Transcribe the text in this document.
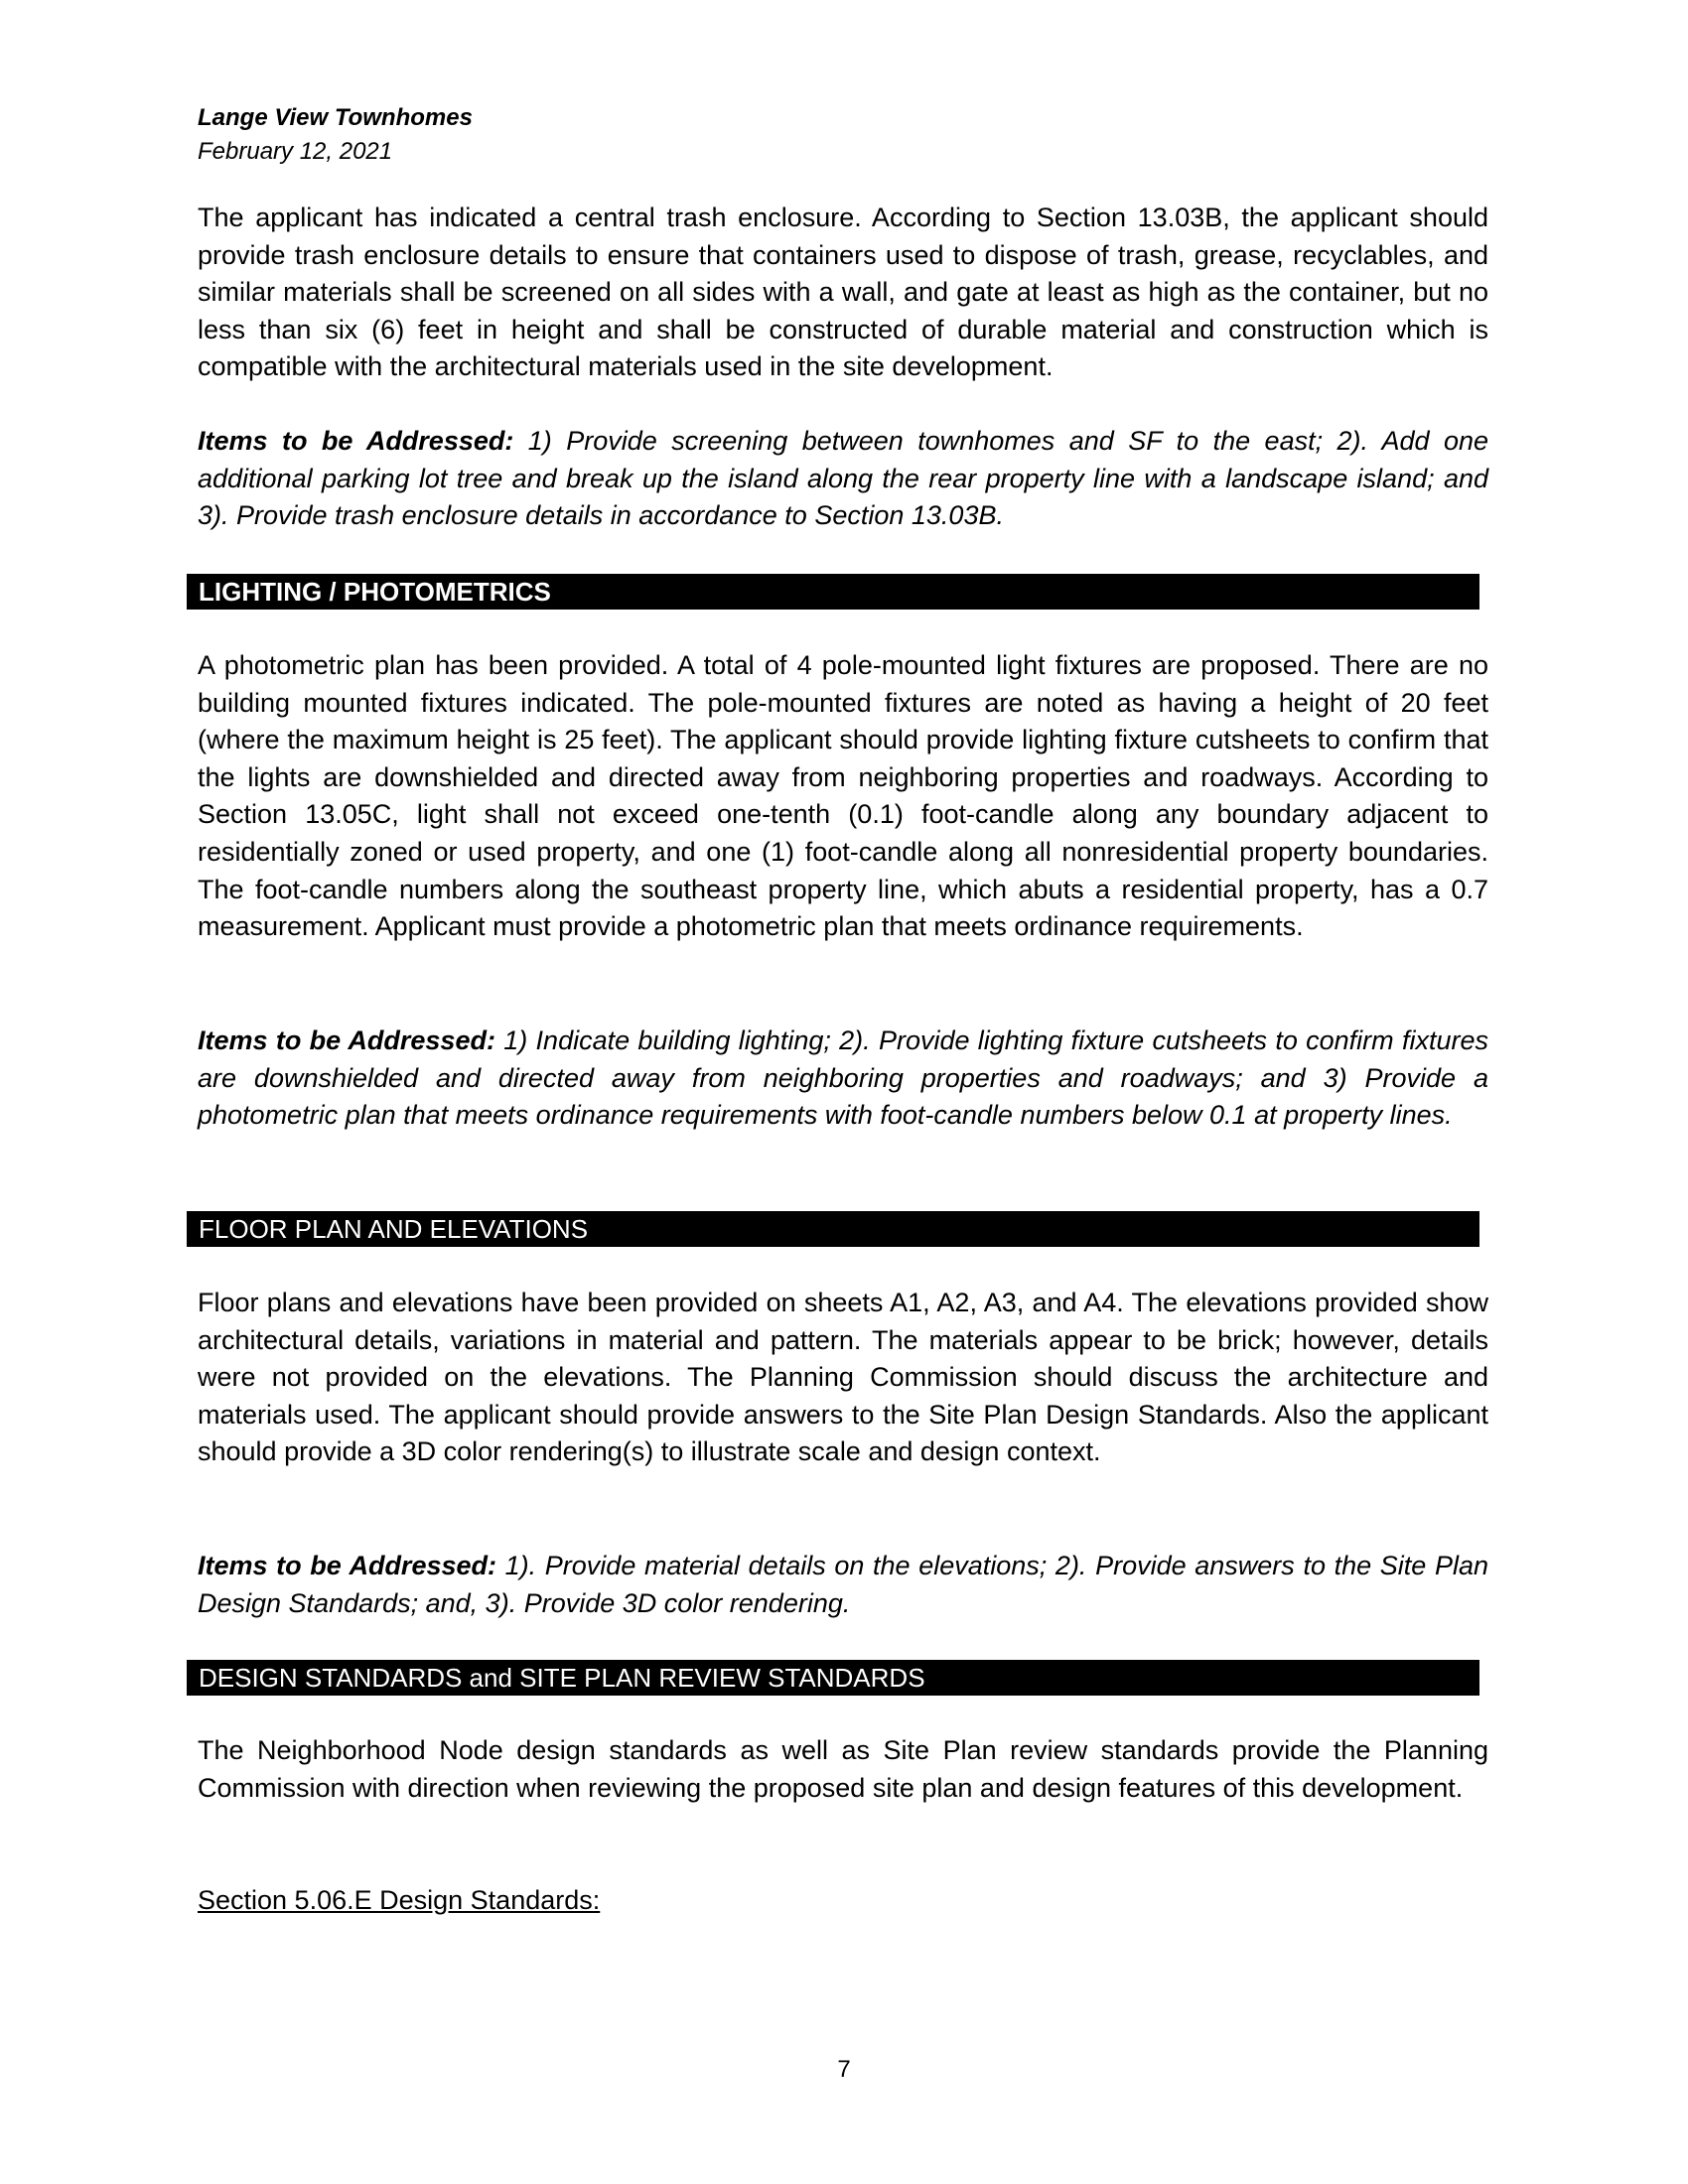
Lange View Townhomes
February 12, 2021

The applicant has indicated a central trash enclosure. According to Section 13.03B, the applicant should provide trash enclosure details to ensure that containers used to dispose of trash, grease, recyclables, and similar materials shall be screened on all sides with a wall, and gate at least as high as the container, but no less than six (6) feet in height and shall be constructed of durable material and construction which is compatible with the architectural materials used in the site development.

Items to be Addressed: 1) Provide screening between townhomes and SF to the east; 2). Add one additional parking lot tree and break up the island along the rear property line with a landscape island; and 3). Provide trash enclosure details in accordance to Section 13.03B.

LIGHTING / PHOTOMETRICS

A photometric plan has been provided. A total of 4 pole-mounted light fixtures are proposed. There are no building mounted fixtures indicated. The pole-mounted fixtures are noted as having a height of 20 feet (where the maximum height is 25 feet). The applicant should provide lighting fixture cutsheets to confirm that the lights are downshielded and directed away from neighboring properties and roadways. According to Section 13.05C, light shall not exceed one-tenth (0.1) foot-candle along any boundary adjacent to residentially zoned or used property, and one (1) foot-candle along all nonresidential property boundaries. The foot-candle numbers along the southeast property line, which abuts a residential property, has a 0.7 measurement. Applicant must provide a photometric plan that meets ordinance requirements.

Items to be Addressed: 1) Indicate building lighting; 2). Provide lighting fixture cutsheets to confirm fixtures are downshielded and directed away from neighboring properties and roadways; and 3) Provide a photometric plan that meets ordinance requirements with foot-candle numbers below 0.1 at property lines.

FLOOR PLAN AND ELEVATIONS

Floor plans and elevations have been provided on sheets A1, A2, A3, and A4. The elevations provided show architectural details, variations in material and pattern. The materials appear to be brick; however, details were not provided on the elevations. The Planning Commission should discuss the architecture and materials used. The applicant should provide answers to the Site Plan Design Standards. Also the applicant should provide a 3D color rendering(s) to illustrate scale and design context.

Items to be Addressed: 1). Provide material details on the elevations; 2). Provide answers to the Site Plan Design Standards; and, 3). Provide 3D color rendering.

DESIGN STANDARDS and SITE PLAN REVIEW STANDARDS

The Neighborhood Node design standards as well as Site Plan review standards provide the Planning Commission with direction when reviewing the proposed site plan and design features of this development.

Section 5.06.E Design Standards:
7
